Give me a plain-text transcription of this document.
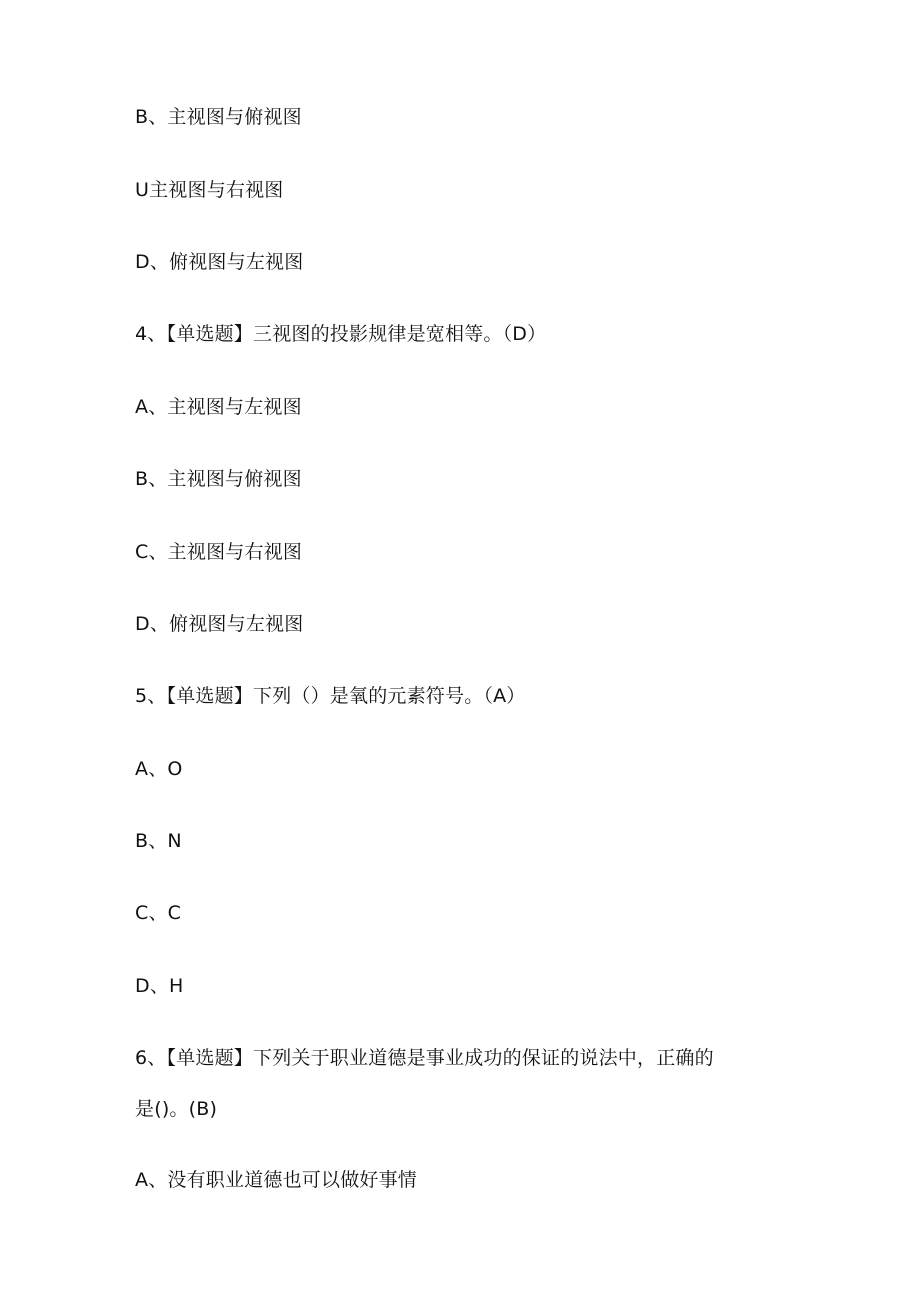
B、主视图与俯视图
U主视图与右视图
D、俯视图与左视图
4、【单选题】三视图的投影规律是宽相等。（D）
A、主视图与左视图
B、主视图与俯视图
C、主视图与右视图
D、俯视图与左视图
5、【单选题】下列（）是氧的元素符号。（A）
A、O
B、N
C、C
D、H
6、【单选题】下列关于职业道德是事业成功的保证的说法中，正确的
是()。(B)
A、没有职业道德也可以做好事情
